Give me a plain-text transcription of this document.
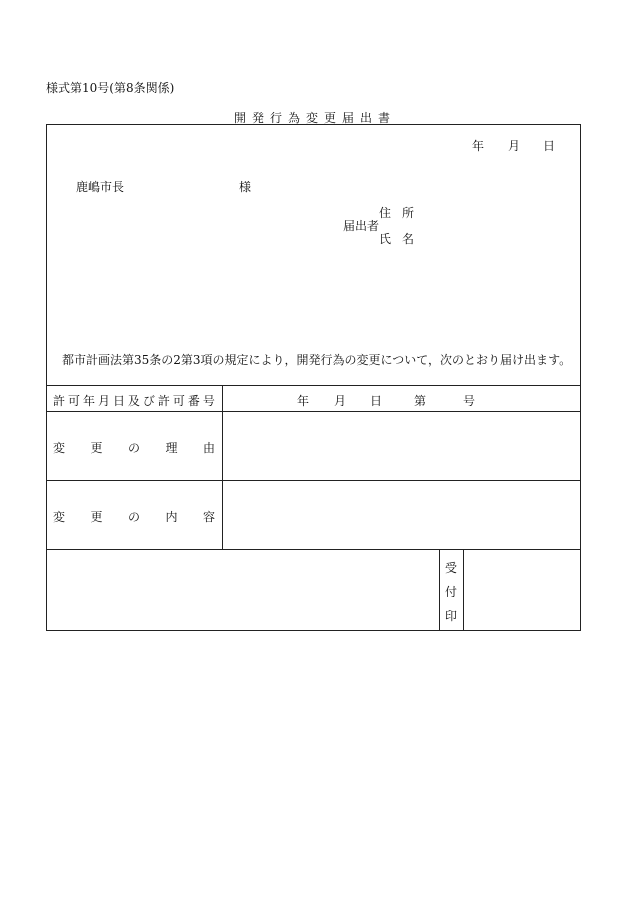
様式第10号(第8条関係)
開発行為変更届出書
年 月 日
鹿嶋市長	様
届出者
住 所
氏 名
都市計画法第35条の2第3項の規定により，開発行為の変更について，次のとおり届け出ます。
許 可 年 月 日 及 び 許 可 番 号	年 月 日	第	号
変 更 の 理 由
変 更 の 内 容
受
付
印
